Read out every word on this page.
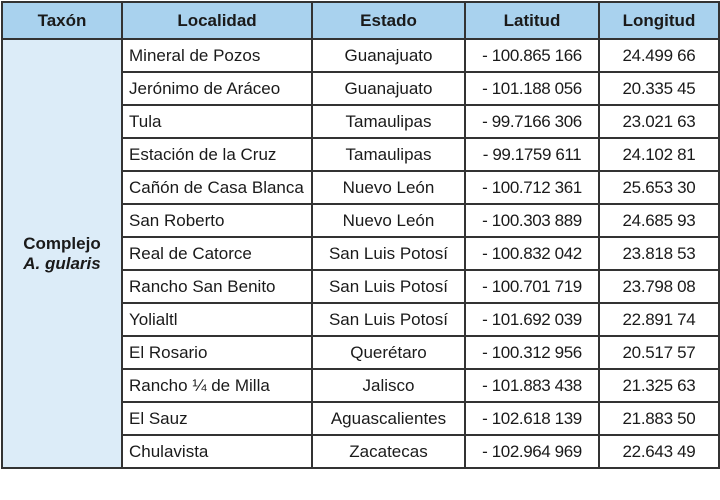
Taxón	Localidad	Estado	Latitud	Longitud

Complejo
A. gularis	Mineral de Pozos	Guanajuato	- 100.865 166	24.499 66
	Jerónimo de Aráceo	Guanajuato	- 101.188 056	20.335 45
	Tula	Tamaulipas	- 99.7166 306	23.021 63
	Estación de la Cruz	Tamaulipas	- 99.1759 611	24.102 81
	Cañón de Casa Blanca	Nuevo León	- 100.712 361	25.653 30
	San Roberto	Nuevo León	- 100.303 889	24.685 93
	Real de Catorce	San Luis Potosí	- 100.832 042	23.818 53
	Rancho San Benito	San Luis Potosí	- 100.701 719	23.798 08
	Yolialtl	San Luis Potosí	- 101.692 039	22.891 74
	El Rosario	Querétaro	- 100.312 956	20.517 57
	Rancho ¼ de Milla	Jalisco	- 101.883 438	21.325 63
	El Sauz	Aguascalientes	- 102.618 139	21.883 50
	Chulavista	Zacatecas	- 102.964 969	22.643 49
